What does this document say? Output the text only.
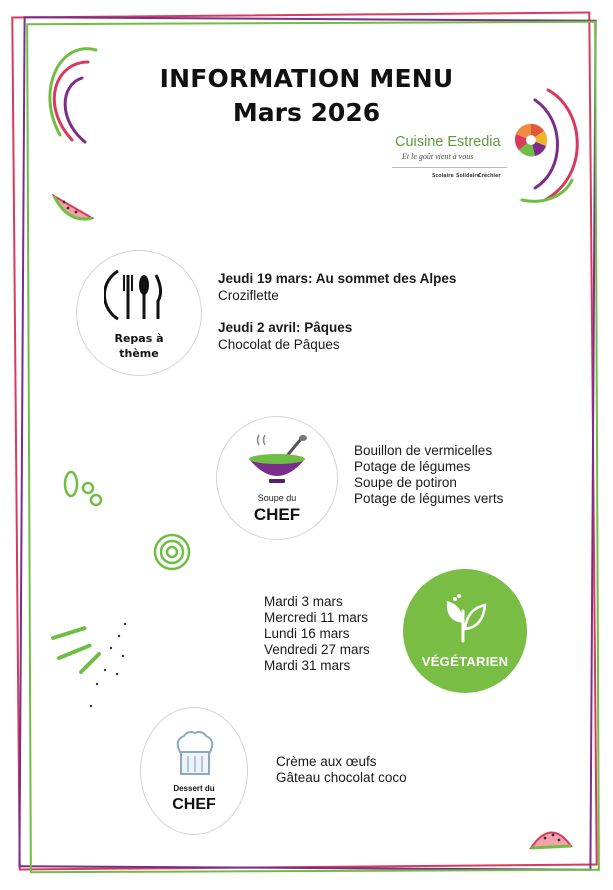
INFORMATION MENU
Mars 2026
Cuisine Estredia
Et le goût vient à vous
Scolaire Solidaire
Crêchier
Repas à
thème
Jeudi 19 mars: Au sommet des Alpes
Croziflette
Jeudi 2 avril: Pâques
Chocolat de Pâques
Soupe du
CHEF
Bouillon de vermicelles
Potage de légumes
Soupe de potiron
Potage de légumes verts
Mardi 3 mars
Mercredi 11 mars
Lundi 16 mars
Vendredi 27 mars
Mardi 31 mars	VÉGÉTARIEN
Dessert du
CHEF
Crème aux œufs
Gâteau chocolat coco
